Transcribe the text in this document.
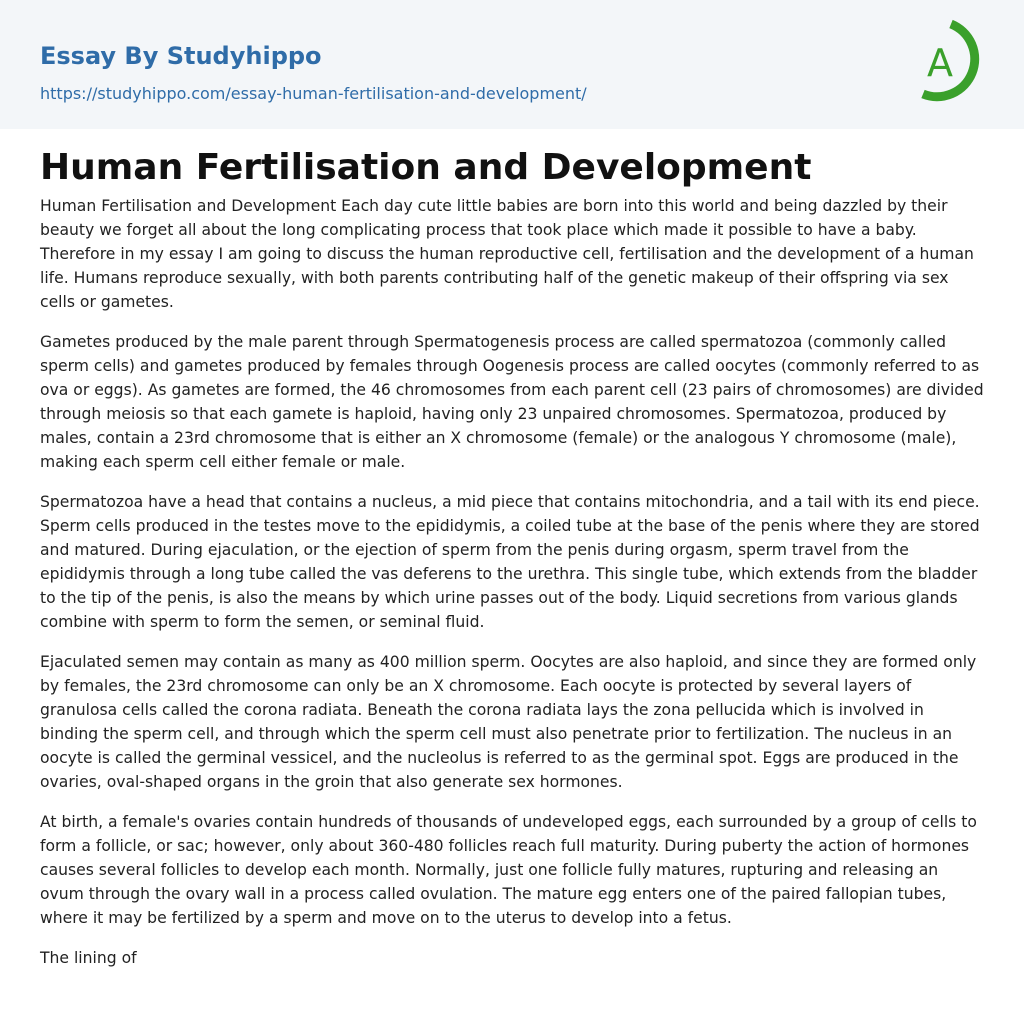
Essay By Studyhippo
https://studyhippo.com/essay-human-fertilisation-and-development/
A
Human Fertilisation and Development

Human Fertilisation and Development Each day cute little babies are born into this world and being dazzled by their beauty we forget all about the long complicating process that took place which made it possible to have a baby. Therefore in my essay I am going to discuss the human reproductive cell, fertilisation and the development of a human life. Humans reproduce sexually, with both parents contributing half of the genetic makeup of their offspring via sex cells or gametes.

Gametes produced by the male parent through Spermatogenesis process are called spermatozoa (commonly called sperm cells) and gametes produced by females through Oogenesis process are called oocytes (commonly referred to as ova or eggs). As gametes are formed, the 46 chromosomes from each parent cell (23 pairs of chromosomes) are divided through meiosis so that each gamete is haploid, having only 23 unpaired chromosomes. Spermatozoa, produced by males, contain a 23rd chromosome that is either an X chromosome (female) or the analogous Y chromosome (male), making each sperm cell either female or male.

Spermatozoa have a head that contains a nucleus, a mid piece that contains mitochondria, and a tail with its end piece. Sperm cells produced in the testes move to the epididymis, a coiled tube at the base of the penis where they are stored and matured. During ejaculation, or the ejection of sperm from the penis during orgasm, sperm travel from the epididymis through a long tube called the vas deferens to the urethra. This single tube, which extends from the bladder to the tip of the penis, is also the means by which urine passes out of the body. Liquid secretions from various glands combine with sperm to form the semen, or seminal fluid.

Ejaculated semen may contain as many as 400 million sperm. Oocytes are also haploid, and since they are formed only by females, the 23rd chromosome can only be an X chromosome. Each oocyte is protected by several layers of granulosa cells called the corona radiata. Beneath the corona radiata lays the zona pellucida which is involved in binding the sperm cell, and through which the sperm cell must also penetrate prior to fertilization. The nucleus in an oocyte is called the germinal vessicel, and the nucleolus is referred to as the germinal spot. Eggs are produced in the ovaries, oval-shaped organs in the groin that also generate sex hormones.

At birth, a female's ovaries contain hundreds of thousands of undeveloped eggs, each surrounded by a group of cells to form a follicle, or sac; however, only about 360-480 follicles reach full maturity. During puberty the action of hormones causes several follicles to develop each month. Normally, just one follicle fully matures, rupturing and releasing an ovum through the ovary wall in a process called ovulation. The mature egg enters one of the paired fallopian tubes, where it may be fertilized by a sperm and move on to the uterus to develop into a fetus.

The lining of
